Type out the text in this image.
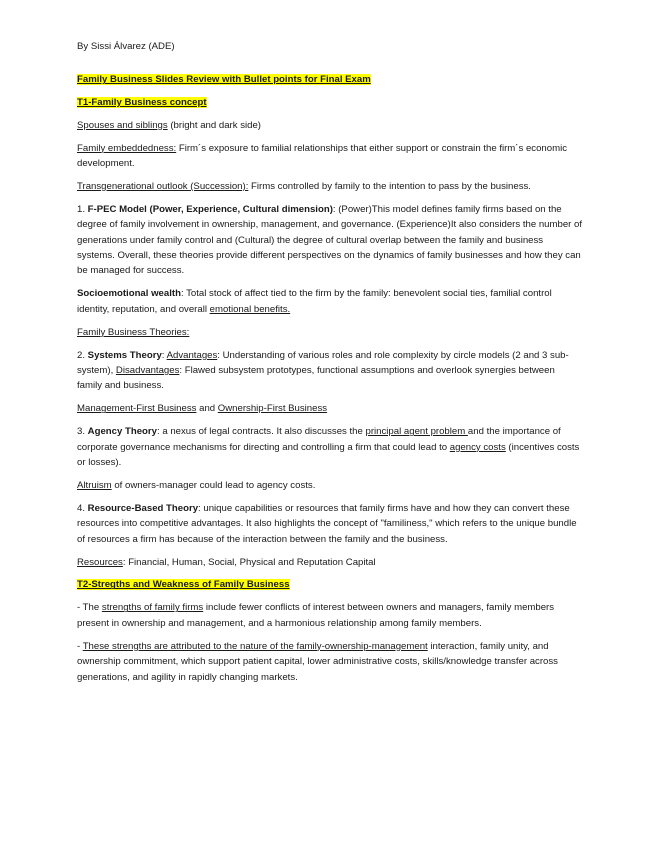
By Sissi Álvarez (ADE)

Family Business Slides Review with Bullet points for Final Exam

T1-Family Business concept

Spouses and siblings (bright and dark side)

Family embeddedness: Firm´s exposure to familial relationships that either support or constrain the firm´s economic development.

Transgenerational outlook (Succession): Firms controlled by family to the intention to pass by the business.

1. F-PEC Model (Power, Experience, Cultural dimension): (Power)This model defines family firms based on the degree of family involvement in ownership, management, and governance. (Experience)It also considers the number of generations under family control and (Cultural) the degree of cultural overlap between the family and business systems. Overall, these theories provide different perspectives on the dynamics of family businesses and how they can be managed for success.

Socioemotional wealth: Total stock of affect tied to the firm by the family: benevolent social ties, familial control identity, reputation, and overall emotional benefits.

Family Business Theories:

2. Systems Theory: Advantages: Understanding of various roles and role complexity by circle models (2 and 3 sub-system), Disadvantages: Flawed subsystem prototypes, functional assumptions and overlook synergies between family and business.

Management-First Business and Ownership-First Business

3. Agency Theory: a nexus of legal contracts. It also discusses the principal agent problem and the importance of corporate governance mechanisms for directing and controlling a firm that could lead to agency costs (incentives costs or losses).

Altruism of owners-manager could lead to agency costs.

4. Resource-Based Theory: unique capabilities or resources that family firms have and how they can convert these resources into competitive advantages. It also highlights the concept of "familiness," which refers to the unique bundle of resources a firm has because of the interaction between the family and the business.

Resources: Financial, Human, Social, Physical and Reputation Capital

T2-Stregths and Weakness of Family Business

- The strengths of family firms include fewer conflicts of interest between owners and managers, family members present in ownership and management, and a harmonious relationship among family members.

- These strengths are attributed to the nature of the family-ownership-management interaction, family unity, and ownership commitment, which support patient capital, lower administrative costs, skills/knowledge transfer across generations, and agility in rapidly changing markets.
